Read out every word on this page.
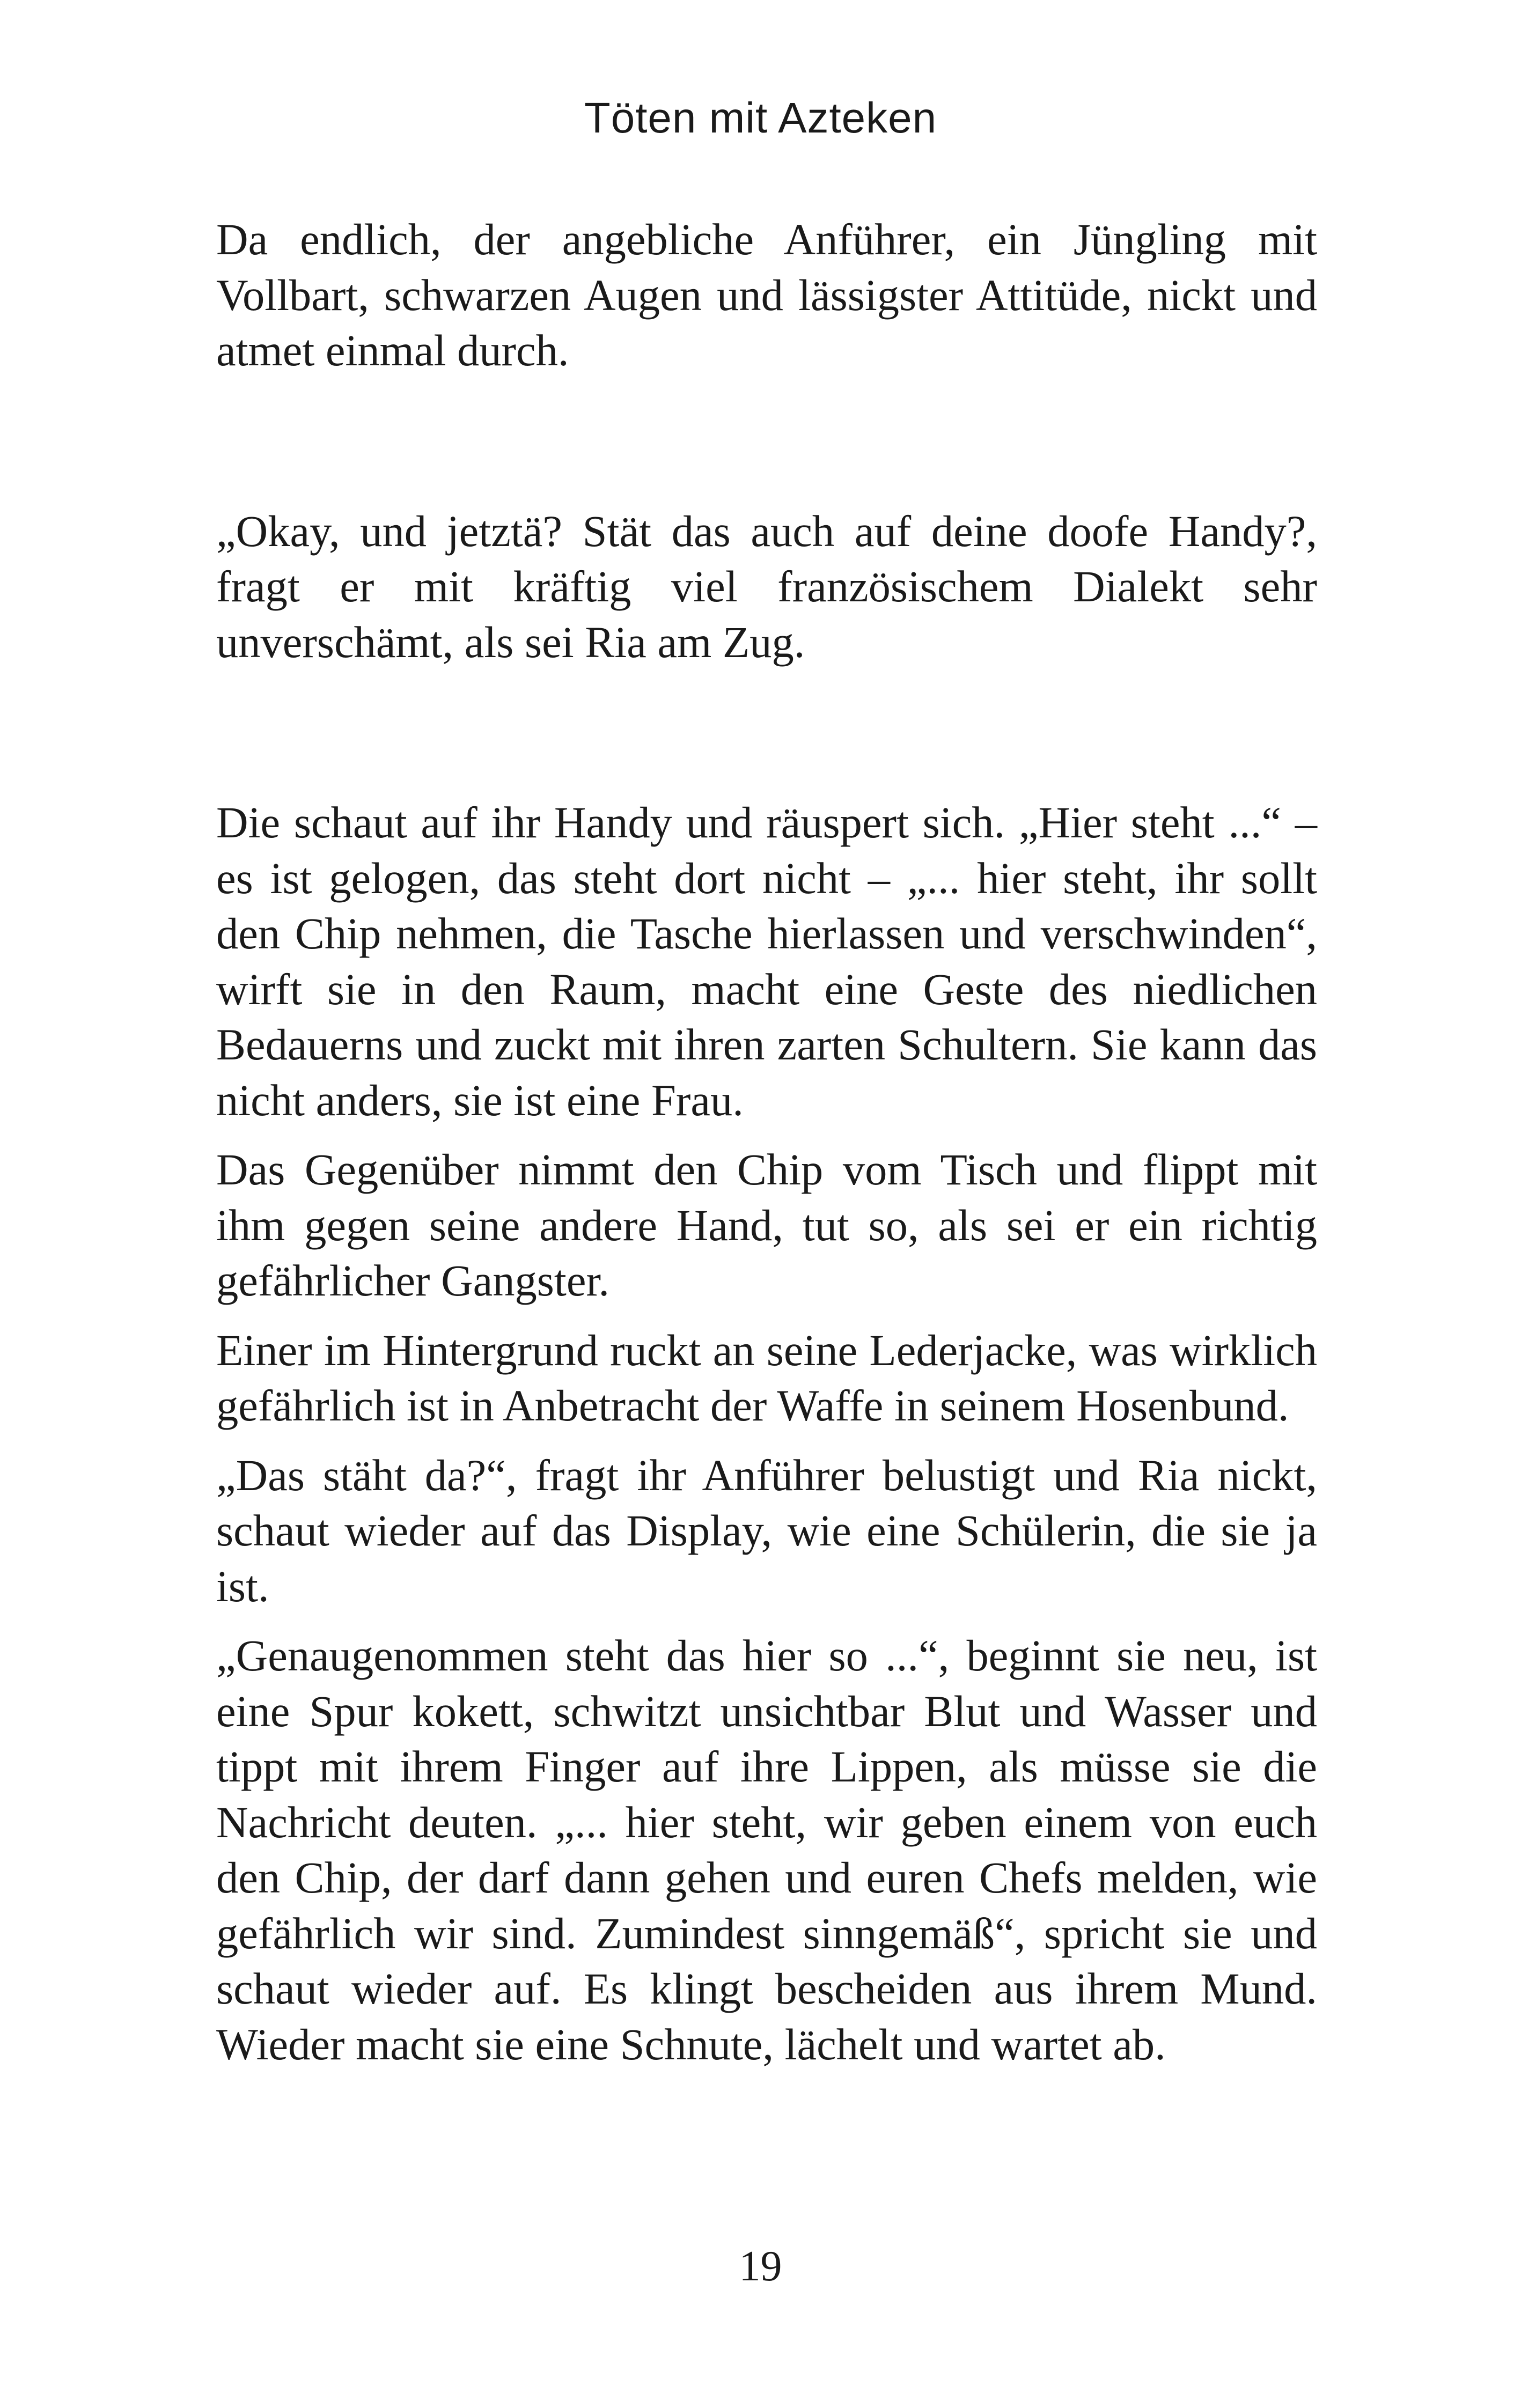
Töten mit Azteken

Da endlich, der angebliche Anführer, ein Jüngling mit Vollbart, schwarzen Augen und lässigster Attitüde, nickt und atmet einmal durch.

„Okay, und jetztä? Stät das auch auf deine doofe Handy?, fragt er mit kräftig viel französischem Dialekt sehr unverschämt, als sei Ria am Zug.

Die schaut auf ihr Handy und räuspert sich. „Hier steht ...“ – es ist gelogen, das steht dort nicht – „... hier steht, ihr sollt den Chip nehmen, die Tasche hierlassen und verschwinden“, wirft sie in den Raum, macht eine Geste des niedlichen Bedauerns und zuckt mit ihren zarten Schultern. Sie kann das nicht anders, sie ist eine Frau.

Das Gegenüber nimmt den Chip vom Tisch und flippt mit ihm gegen seine andere Hand, tut so, als sei er ein richtig gefährlicher Gangster.

Einer im Hintergrund ruckt an seine Lederjacke, was wirklich gefährlich ist in Anbetracht der Waffe in seinem Hosenbund.

„Das stäht da?“, fragt ihr Anführer belustigt und Ria nickt, schaut wieder auf das Display, wie eine Schülerin, die sie ja ist.

„Genaugenommen steht das hier so ...“, beginnt sie neu, ist eine Spur kokett, schwitzt unsichtbar Blut und Wasser und tippt mit ihrem Finger auf ihre Lippen, als müsse sie die Nachricht deuten. „... hier steht, wir geben einem von euch den Chip, der darf dann gehen und euren Chefs melden, wie gefährlich wir sind. Zumindest sinngemäß“, spricht sie und schaut wieder auf. Es klingt bescheiden aus ihrem Mund. Wieder macht sie eine Schnute, lächelt und wartet ab.

19
